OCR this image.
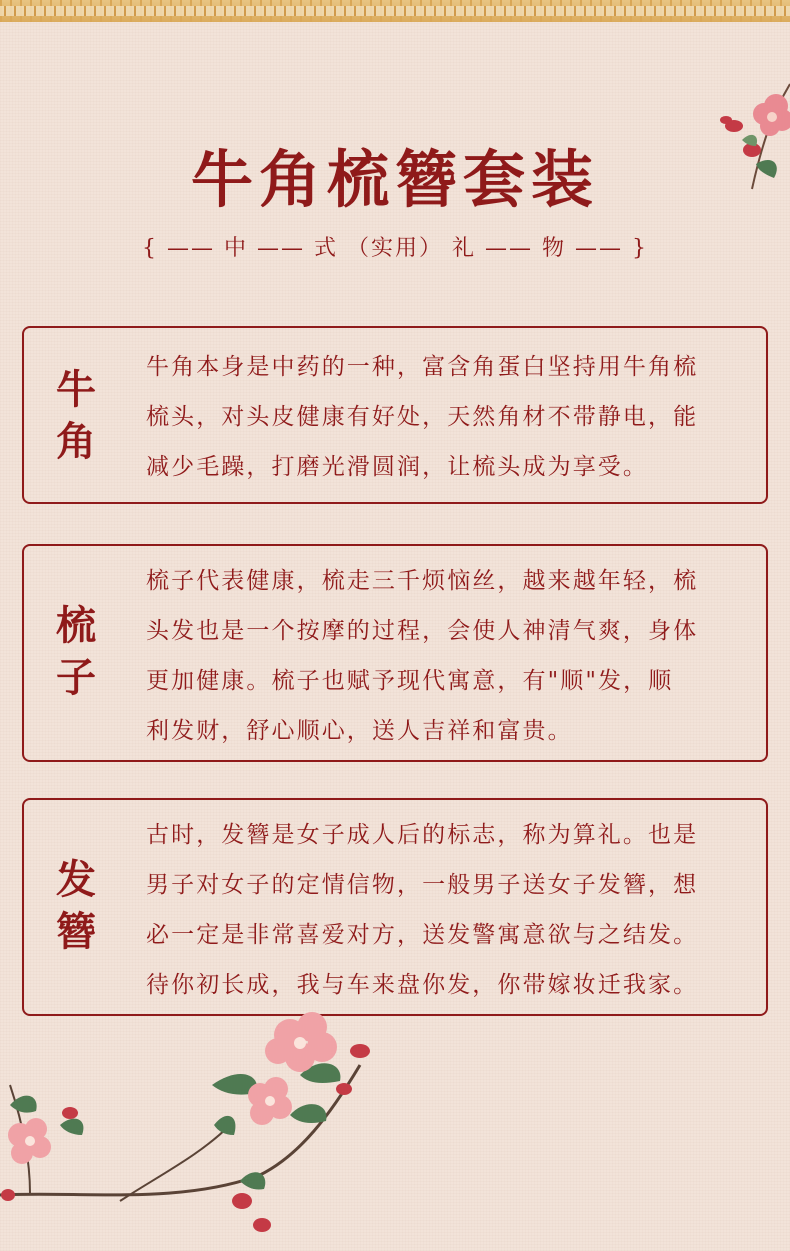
牛角梳簪套装
{ —— 中 —— 式 （实用） 礼 —— 物 —— }
牛角
牛角本身是中药的一种，富含角蛋白坚持用牛角梳
梳头，对头皮健康有好处，天然角材不带静电，能
减少毛躁，打磨光滑圆润，让梳头成为享受。
梳子
梳子代表健康，梳走三千烦恼丝，越来越年轻，梳
头发也是一个按摩的过程，会使人神清气爽，身体
更加健康。梳子也赋予现代寓意，有"顺"发，顺
利发财，舒心顺心，送人吉祥和富贵。
发簪
古时，发簪是女子成人后的标志，称为算礼。也是
男子对女子的定情信物，一般男子送女子发簪，想
必一定是非常喜爱对方，送发警寓意欲与之结发。
待你初长成，我与车来盘你发，你带嫁妆迁我家。
